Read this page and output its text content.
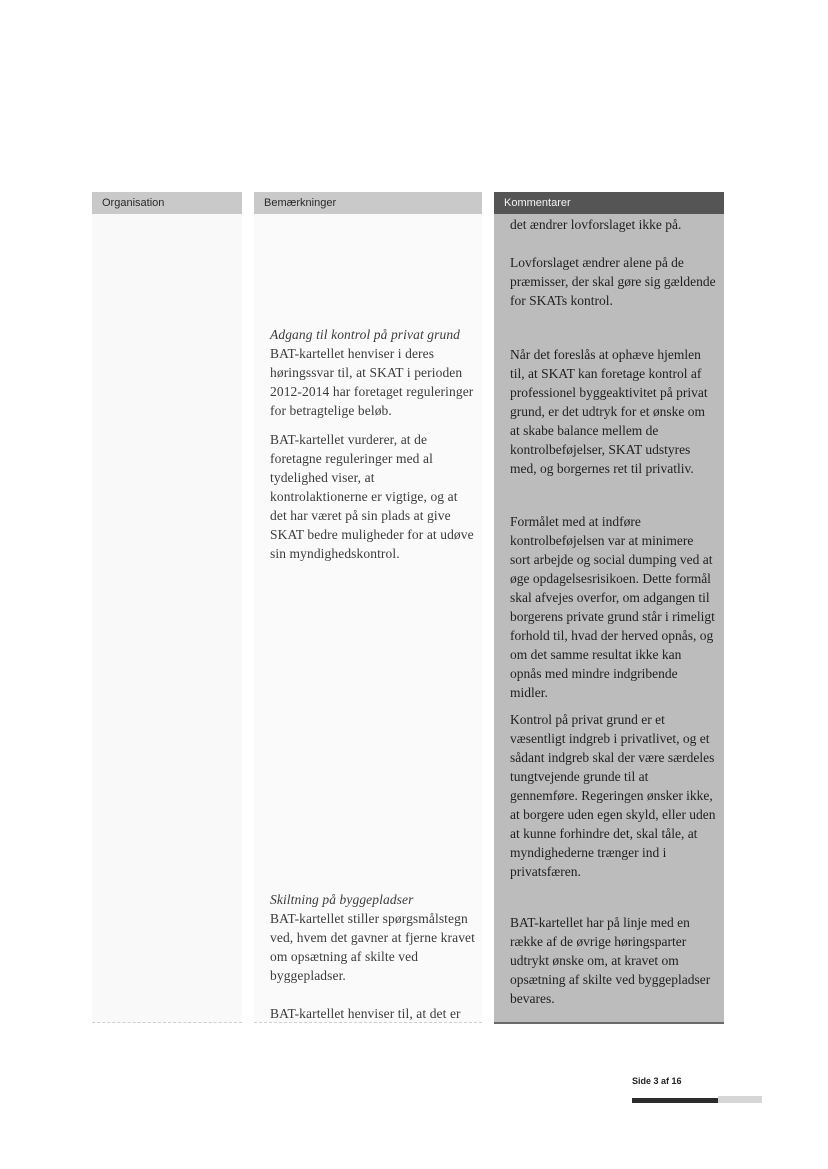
Organisation	Bemærkninger
Adgang til kontrol på privat grund
BAT-kartellet henviser i deres høringssvar til, at SKAT i perioden 2012-2014 har foretaget reguleringer for betragtelige beløb.
BAT-kartellet vurderer, at de foretagne reguleringer med al tydelighed viser, at kontrolaktionerne er vigtige, og at det har været på sin plads at give SKAT bedre muligheder for at udøve sin myndighedskontrol.
Skiltning på byggepladser
BAT-kartellet stiller spørgsmålstegn ved, hvem det gavner at fjerne kravet om opsætning af skilte ved byggepladser.
BAT-kartellet henviser til, at det er
Kommentarer
det ændrer lovforslaget ikke på.
Lovforslaget ændrer alene på de præmisser, der skal gøre sig gældende for SKATs kontrol.
Når det foreslås at ophæve hjemlen til, at SKAT kan foretage kontrol af professionel byggeaktivitet på privat grund, er det udtryk for et ønske om at skabe balance mellem de kontrolbeføjelser, SKAT udstyres med, og borgernes ret til privatliv.
Formålet med at indføre kontrolbeføjelsen var at minimere sort arbejde og social dumping ved at øge opdagelsesrisikoen. Dette formål skal afvejes overfor, om adgangen til borgerens private grund står i rimeligt forhold til, hvad der herved opnås, og om det samme resultat ikke kan opnås med mindre indgribende midler.
Kontrol på privat grund er et væsentligt indgreb i privatlivet, og et sådant indgreb skal der være særdeles tungtvejende grunde til at gennemføre. Regeringen ønsker ikke, at borgere uden egen skyld, eller uden at kunne forhindre det, skal tåle, at myndighederne trænger ind i privatsfæren.
BAT-kartellet har på linje med en række af de øvrige høringsparter udtrykt ønske om, at kravet om opsætning af skilte ved byggepladser bevares.
Side 3 af 16
